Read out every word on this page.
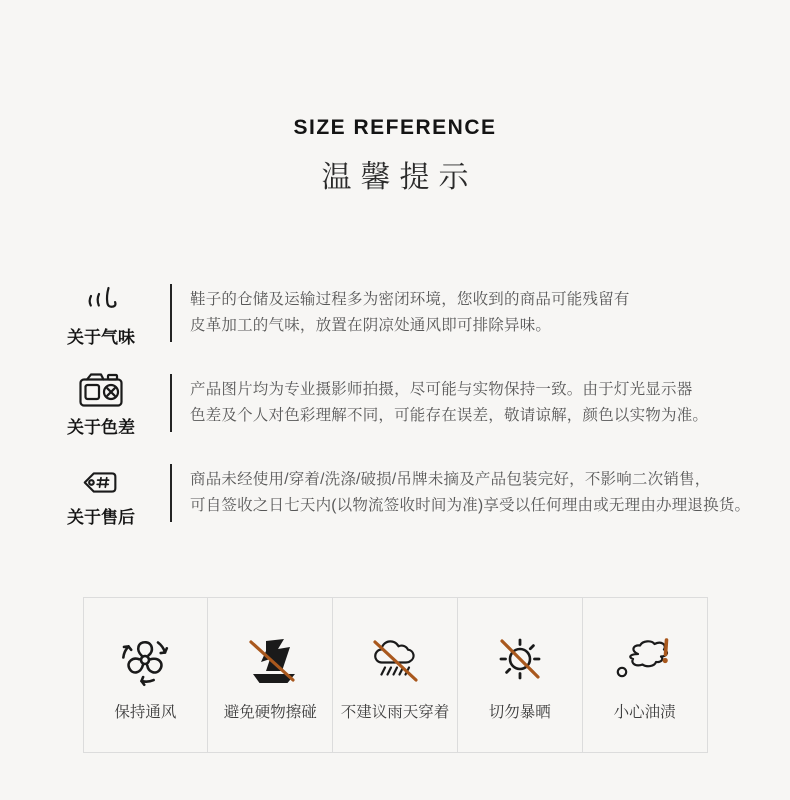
SIZE REFERENCE
温馨提示
关于气味
鞋子的仓储及运输过程多为密闭环境，您收到的商品可能残留有
皮革加工的气味，放置在阴凉处通风即可排除异味。
关于色差
产品图片均为专业摄影师拍摄，尽可能与实物保持一致。由于灯光显示器
色差及个人对色彩理解不同，可能存在误差，敬请谅解，颜色以实物为准。
关于售后
商品未经使用/穿着/洗涤/破损/吊牌未摘及产品包装完好，不影响二次销售，
可自签收之日七天内(以物流签收时间为准)享受以任何理由或无理由办理退换货。
保持通风	避免硬物擦碰 不建议雨天穿着	切勿暴晒	小心油渍
